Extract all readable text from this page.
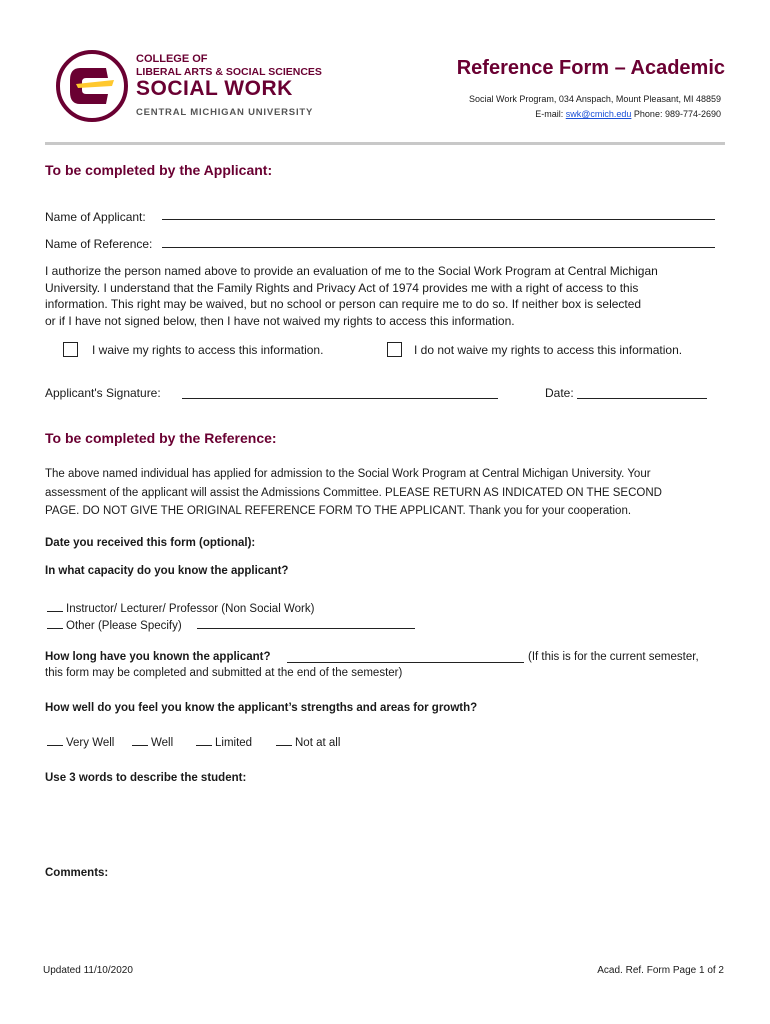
COLLEGE OF
LIBERAL ARTS & SOCIAL SCIENCES
SOCIAL WORK
CENTRAL MICHIGAN UNIVERSITY
Reference Form – Academic
Social Work Program, 034 Anspach, Mount Pleasant, MI 48859
E-mail: swk@cmich.edu Phone: 989-774-2690
To be completed by the Applicant:
Name of Applicant:
Name of Reference:
I authorize the person named above to provide an evaluation of me to the Social Work Program at Central Michigan
University. I understand that the Family Rights and Privacy Act of 1974 provides me with a right of access to this
information. This right may be waived, but no school or person can require me to do so. If neither box is selected
or if I have not signed below, then I have not waived my rights to access this information.
I waive my rights to access this information.	I do not waive my rights to access this information.
Applicant's Signature:	Date:
To be completed by the Reference:
The above named individual has applied for admission to the Social Work Program at Central Michigan University. Your
assessment of the applicant will assist the Admissions Committee. PLEASE RETURN AS INDICATED ON THE SECOND
PAGE. DO NOT GIVE THE ORIGINAL REFERENCE FORM TO THE APPLICANT. Thank you for your cooperation.
Date you received this form (optional):
In what capacity do you know the applicant?
Instructor/ Lecturer/ Professor (Non Social Work)
Other (Please Specify)
How long have you known the applicant?	(If this is for the current semester,
this form may be completed and submitted at the end of the semester)
How well do you feel you know the applicant’s strengths and areas for growth?
Very Well	Well	Limited	Not at all
Use 3 words to describe the student:
Comments:
Updated 11/10/2020	Acad. Ref. Form Page 1 of 2
